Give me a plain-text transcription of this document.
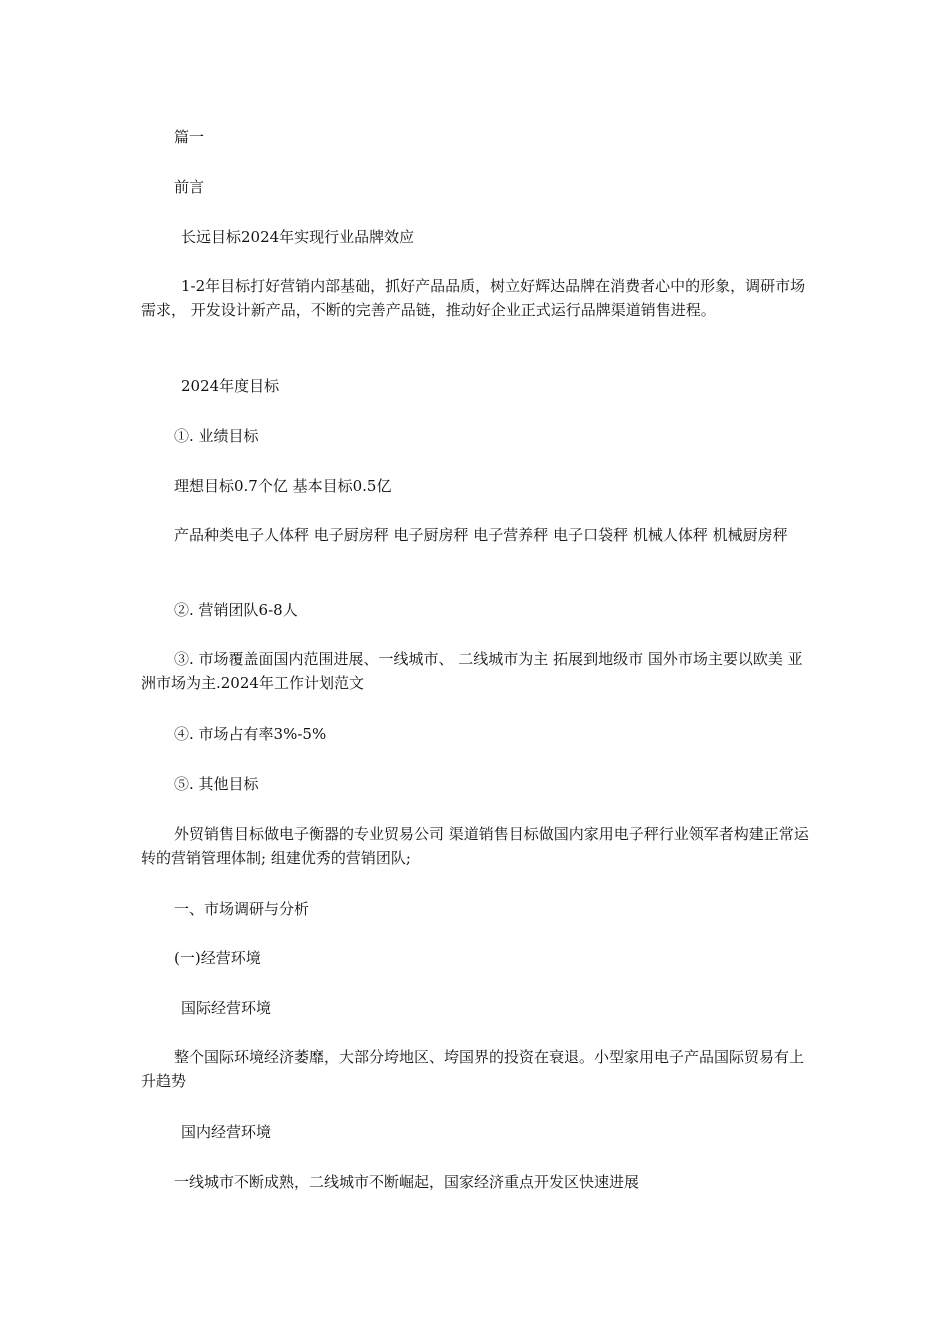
篇一

前言

长远目标2024年实现行业品牌效应

1-2年目标打好营销内部基础，抓好产品品质，树立好辉达品牌在消费者心中的形象，调研市场需求， 开发设计新产品，不断的完善产品链，推动好企业正式运行品牌渠道销售进程。

2024年度目标

①. 业绩目标

理想目标0.7个亿 基本目标0.5亿

产品种类电子人体秤 电子厨房秤 电子厨房秤 电子营养秤 电子口袋秤 机械人体秤 机械厨房秤

②. 营销团队6-8人

③. 市场覆盖面国内范围进展、一线城市、 二线城市为主 拓展到地级市 国外市场主要以欧美 亚洲市场为主.2024年工作计划范文

④. 市场占有率3%-5%

⑤. 其他目标

外贸销售目标做电子衡器的专业贸易公司 渠道销售目标做国内家用电子秤行业领军者构建正常运转的营销管理体制; 组建优秀的营销团队;

一、市场调研与分析

(一)经营环境

国际经营环境

整个国际环境经济萎靡，大部分垮地区、垮国界的投资在衰退。小型家用电子产品国际贸易有上升趋势

国内经营环境

一线城市不断成熟，二线城市不断崛起，国家经济重点开发区快速进展
